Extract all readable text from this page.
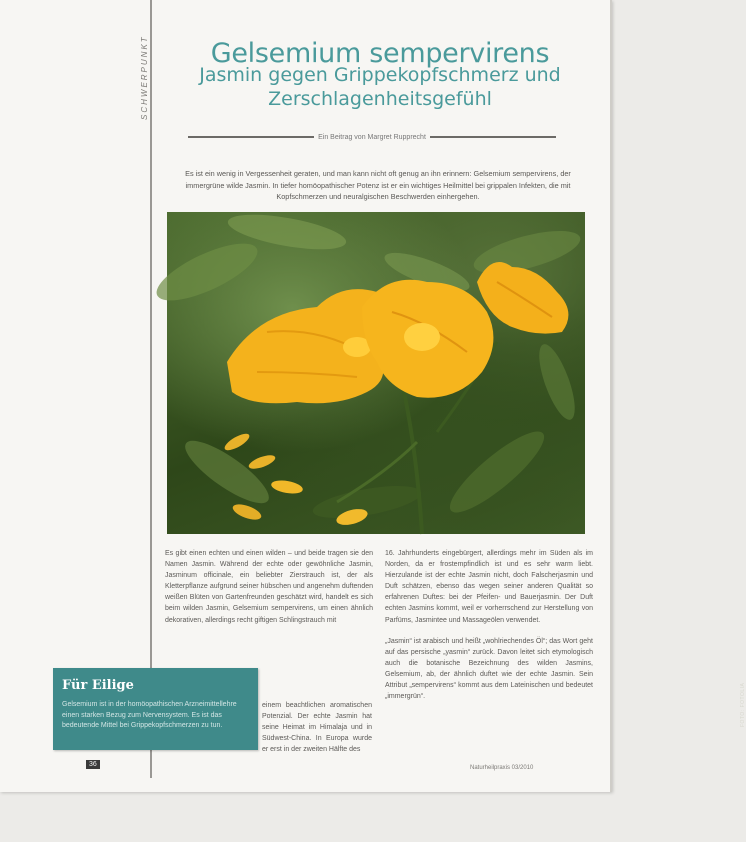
SCHWERPUNKT	Gelsemium sempervirens
Jasmin gegen Grippekopfschmerz und Zerschlagenheitsgefühl
Ein Beitrag von Margret Rupprecht

Es ist ein wenig in Vergessenheit geraten, und man kann nicht oft genug an ihn erinnern: Gelsemium sempervirens, der immergrüne wilde Jasmin. In tiefer homöopathischer Potenz ist er ein wichtiges Heilmittel bei grippalen Infekten, die mit Kopfschmerzen und neuralgischen Beschwerden einhergehen.

FOTO: FOTOLIA

Es gibt einen echten und einen wilden – und beide tragen sie den Namen Jasmin. Während der echte oder gewöhnliche Jasmin, Jasminum officinale, ein beliebter Zierstrauch ist, der als Kletterpflanze aufgrund seiner hübschen und angenehm duftenden weißen Blüten von Gartenfreunden geschätzt wird, handelt es sich beim wilden Jasmin, Gelsemium sempervirens, um einen ähnlich dekorativen, allerdings recht giftigen Schlingstrauch mit

einem beachtlichen aromatischen Potenzial. Der echte Jasmin hat seine Heimat im Himalaja und in Südwest-China. In Europa wurde er erst in der zweiten Hälfte des

16. Jahrhunderts eingebürgert, allerdings mehr im Süden als im Norden, da er frostempfindlich ist und es sehr warm liebt. Hierzulande ist der echte Jasmin nicht, doch Falscherjasmin und Duft schätzen, ebenso das wegen seiner anderen Qualität so erfahrenen Duftes: bei der Pfeifen- und Bauerjasmin. Der Duft echten Jasmins kommt, weil er vorherrschend zur Herstellung von Parfüms, Jasmintee und Massageölen verwendet.

„Jasmin“ ist arabisch und heißt „wohlriechendes Öl“; das Wort geht auf das persische „yasmin“ zurück. Davon leitet sich etymologisch auch die botanische Bezeichnung des wilden Jasmins, Gelsemium, ab, der ähnlich duftet wie der echte Jasmin. Sein Attribut „sempervirens“ kommt aus dem Lateinischen und bedeutet „immergrün“.

Für Eilige
Gelsemium ist in der homöopathischen Arzneimittellehre einen starken Bezug zum Nervensystem. Es ist das bedeutende Mittel bei Grippekopfschmerzen zu tun.
36	Naturheilpraxis 03/2010
